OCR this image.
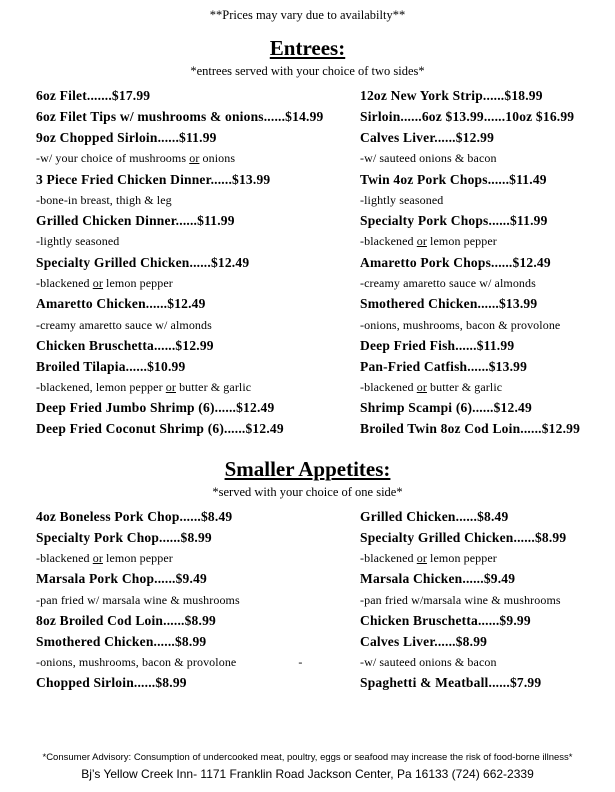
**Prices may vary due to availabilty**
Entrees:
*entrees served with your choice of two sides*
6oz Filet.......$17.99	12oz New York Strip......$18.99
6oz Filet Tips w/ mushrooms & onions......$14.99	Sirloin......6oz $13.99......10oz $16.99
9oz Chopped Sirloin......$11.99	Calves Liver......$12.99
-w/ your choice of mushrooms or onions	-w/ sauteed onions & bacon
3 Piece Fried Chicken Dinner......$13.99	Twin 4oz Pork Chops......$11.49
-bone-in breast, thigh & leg	-lightly seasoned
Grilled Chicken Dinner......$11.99	Specialty Pork Chops......$11.99
-lightly seasoned	-blackened or lemon pepper
Specialty Grilled Chicken......$12.49	Amaretto Pork Chops......$12.49
-blackened or lemon pepper	-creamy amaretto sauce w/ almonds
Amaretto Chicken......$12.49	Smothered Chicken......$13.99
-creamy amaretto sauce w/ almonds	-onions, mushrooms, bacon & provolone
Chicken Bruschetta......$12.99	Deep Fried Fish......$11.99
Broiled Tilapia......$10.99	Pan-Fried Catfish......$13.99
-blackened, lemon pepper or butter & garlic	-blackened or butter & garlic
Deep Fried Jumbo Shrimp (6)......$12.49	Shrimp Scampi (6)......$12.49
Deep Fried Coconut Shrimp (6)......$12.49	Broiled Twin 8oz Cod Loin......$12.99
Smaller Appetites:
*served with your choice of one side*
4oz Boneless Pork Chop......$8.49	Grilled Chicken......$8.49
Specialty Pork Chop......$8.99	Specialty Grilled Chicken......$8.99
-blackened or lemon pepper	-blackened or lemon pepper
Marsala Pork Chop......$9.49	Marsala Chicken......$9.49
-pan fried w/ marsala wine & mushrooms	-pan fried w/marsala wine & mushrooms
8oz Broiled Cod Loin......$8.99	Chicken Bruschetta......$9.99
Smothered Chicken......$8.99	Calves Liver......$8.99
-onions, mushrooms, bacon & provolone                    -	-w/ sauteed onions & bacon
Chopped Sirloin......$8.99	Spaghetti & Meatball......$7.99
*Consumer Advisory: Consumption of undercooked meat, poultry, eggs or seafood may increase the risk of food-borne illness*
Bj’s Yellow Creek Inn- 1171 Franklin Road Jackson Center, Pa 16133 (724) 662-2339
